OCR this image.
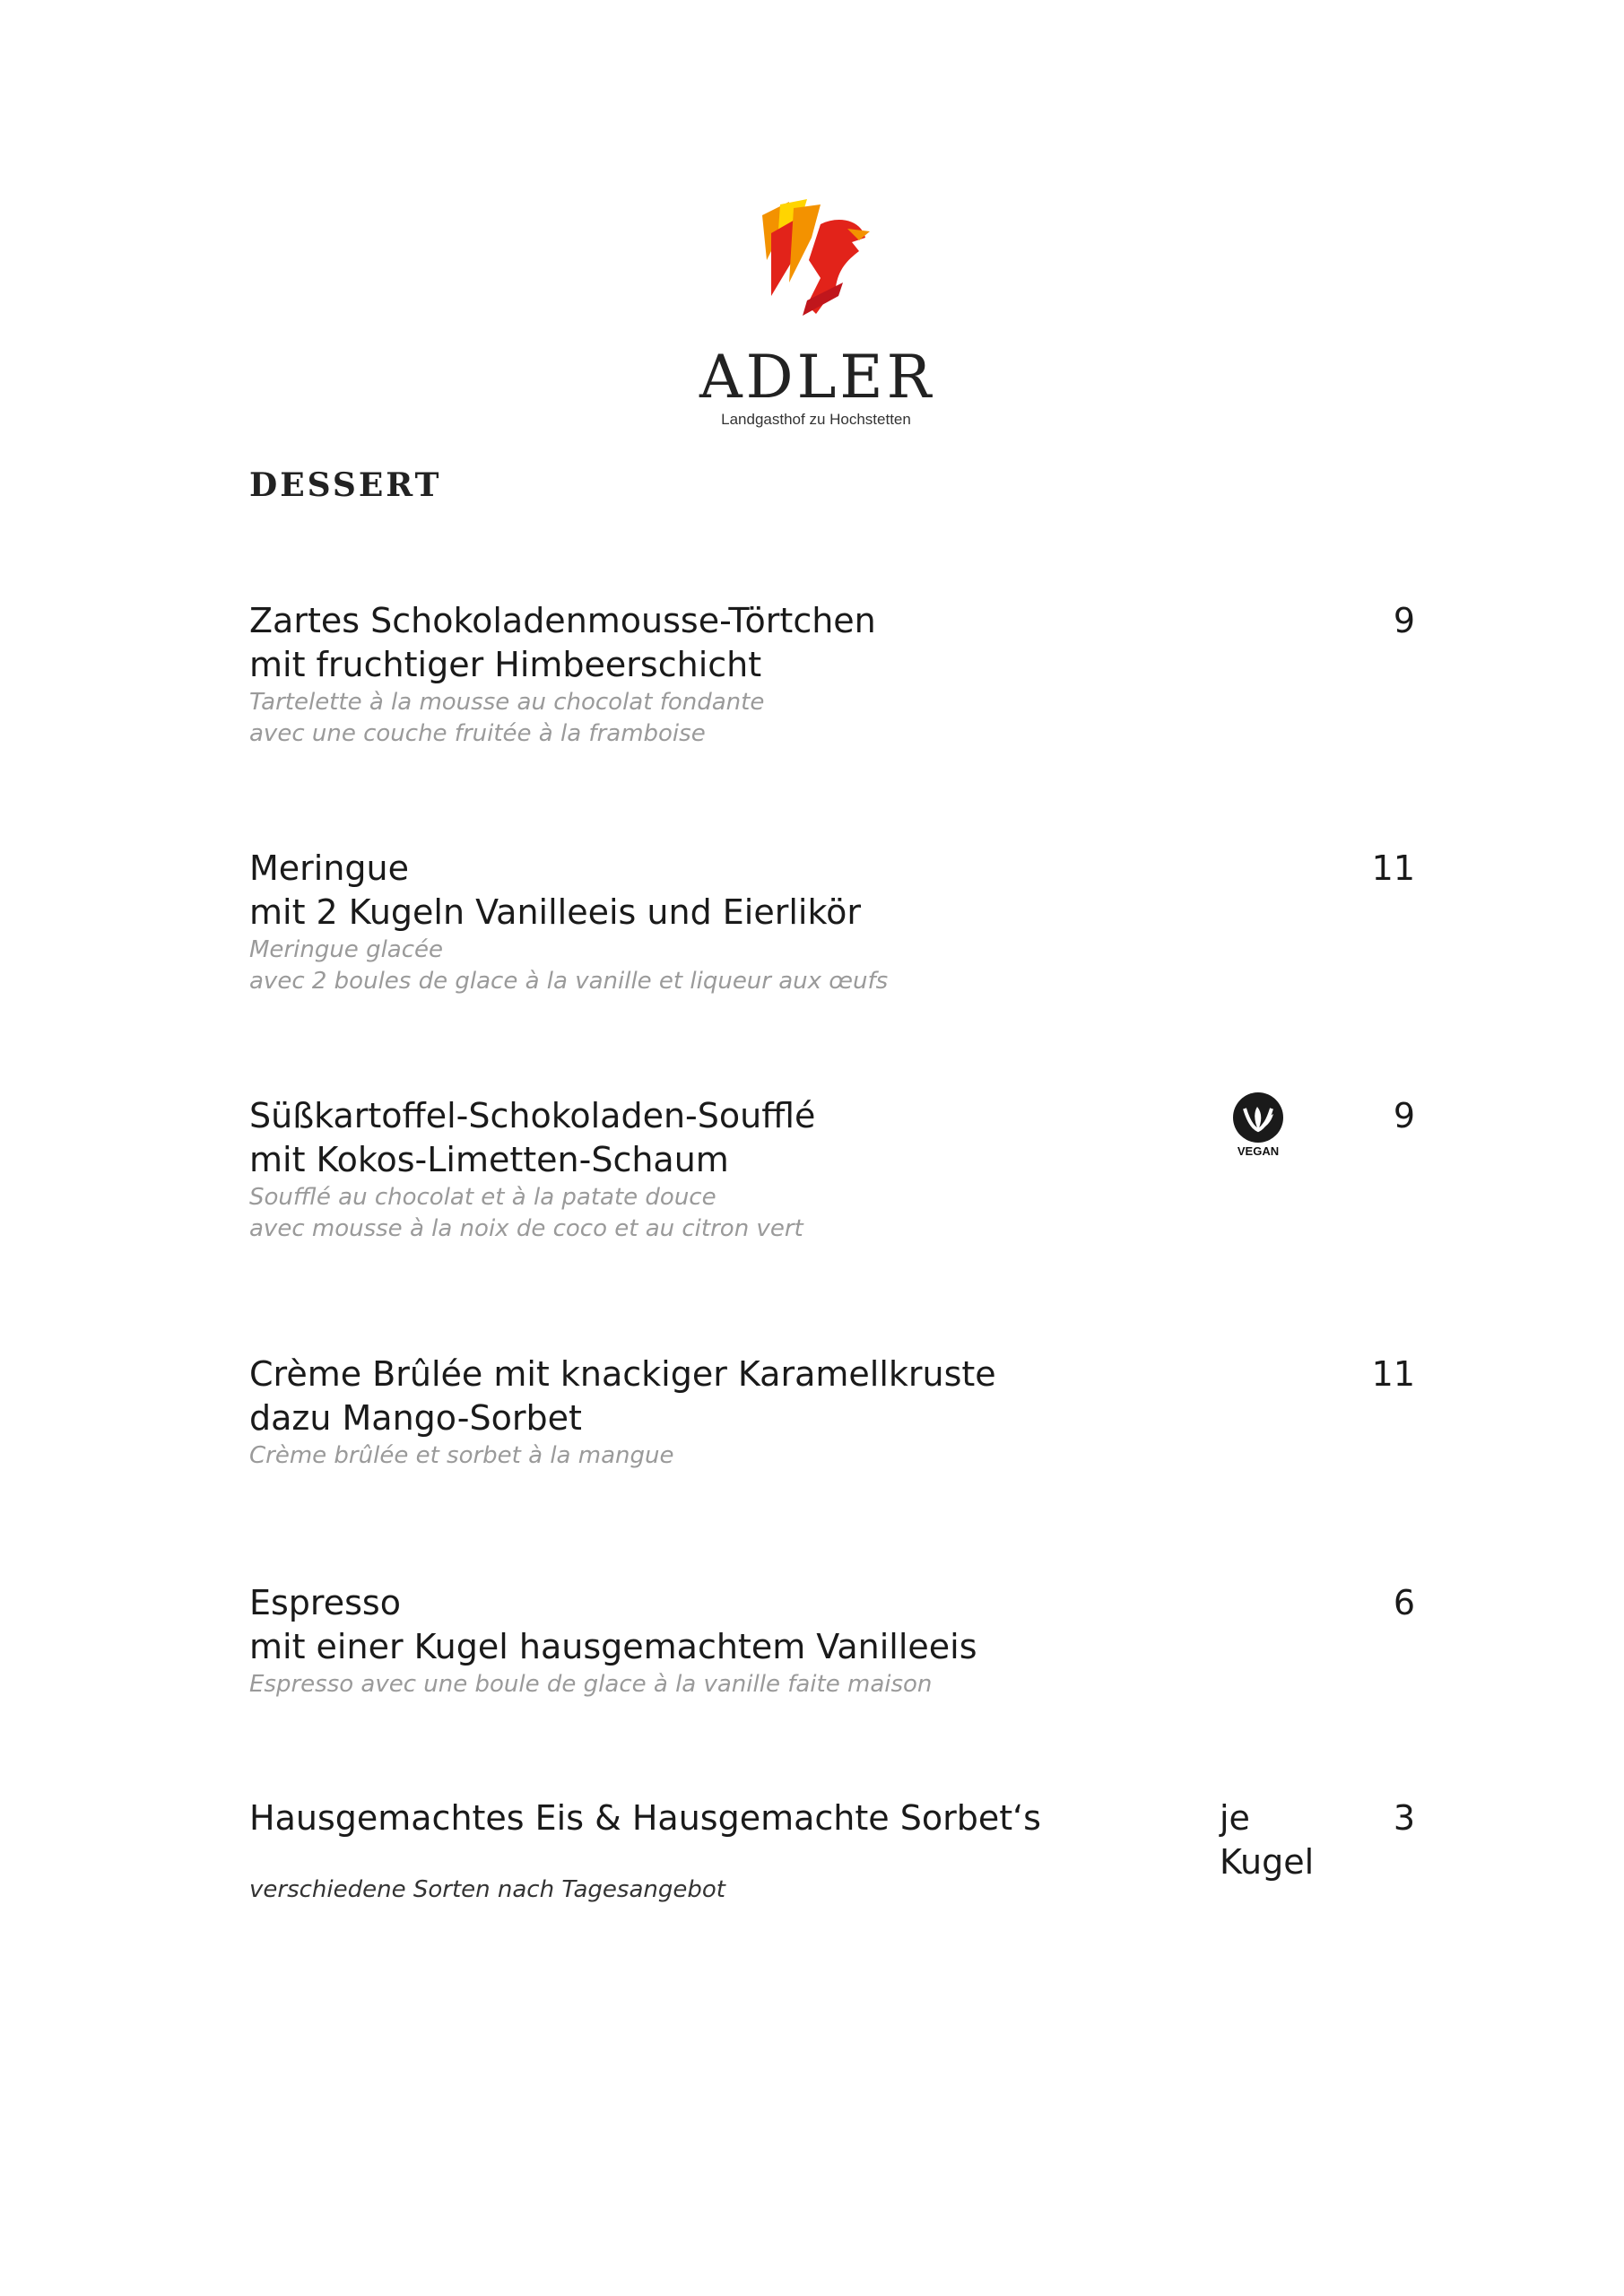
ADLER
Landgasthof zu Hochstetten
DESSERT
Zartes Schokoladenmousse-Törtchen
mit fruchtiger Himbeerschicht
Tartelette à la mousse au chocolat fondante
avec une couche fruitée à la framboise
9
Meringue
mit 2 Kugeln Vanilleeis und Eierlikör
Meringue glacée
avec 2 boules de glace à la vanille et liqueur aux œufs
11
Süßkartoffel-Schokoladen-Soufflé
mit Kokos-Limetten-Schaum
Soufflé au chocolat et à la patate douce
avec mousse à la noix de coco et au citron vert
VEGAN
9
Crème Brûlée mit knackiger Karamellkruste
dazu Mango-Sorbet
Crème brûlée et sorbet à la mangue
11
Espresso
mit einer Kugel hausgemachtem Vanilleeis
Espresso avec une boule de glace à la vanille faite maison
6
Hausgemachtes Eis & Hausgemachte Sorbet‘s
verschiedene Sorten nach Tagesangebot
je
Kugel
3
